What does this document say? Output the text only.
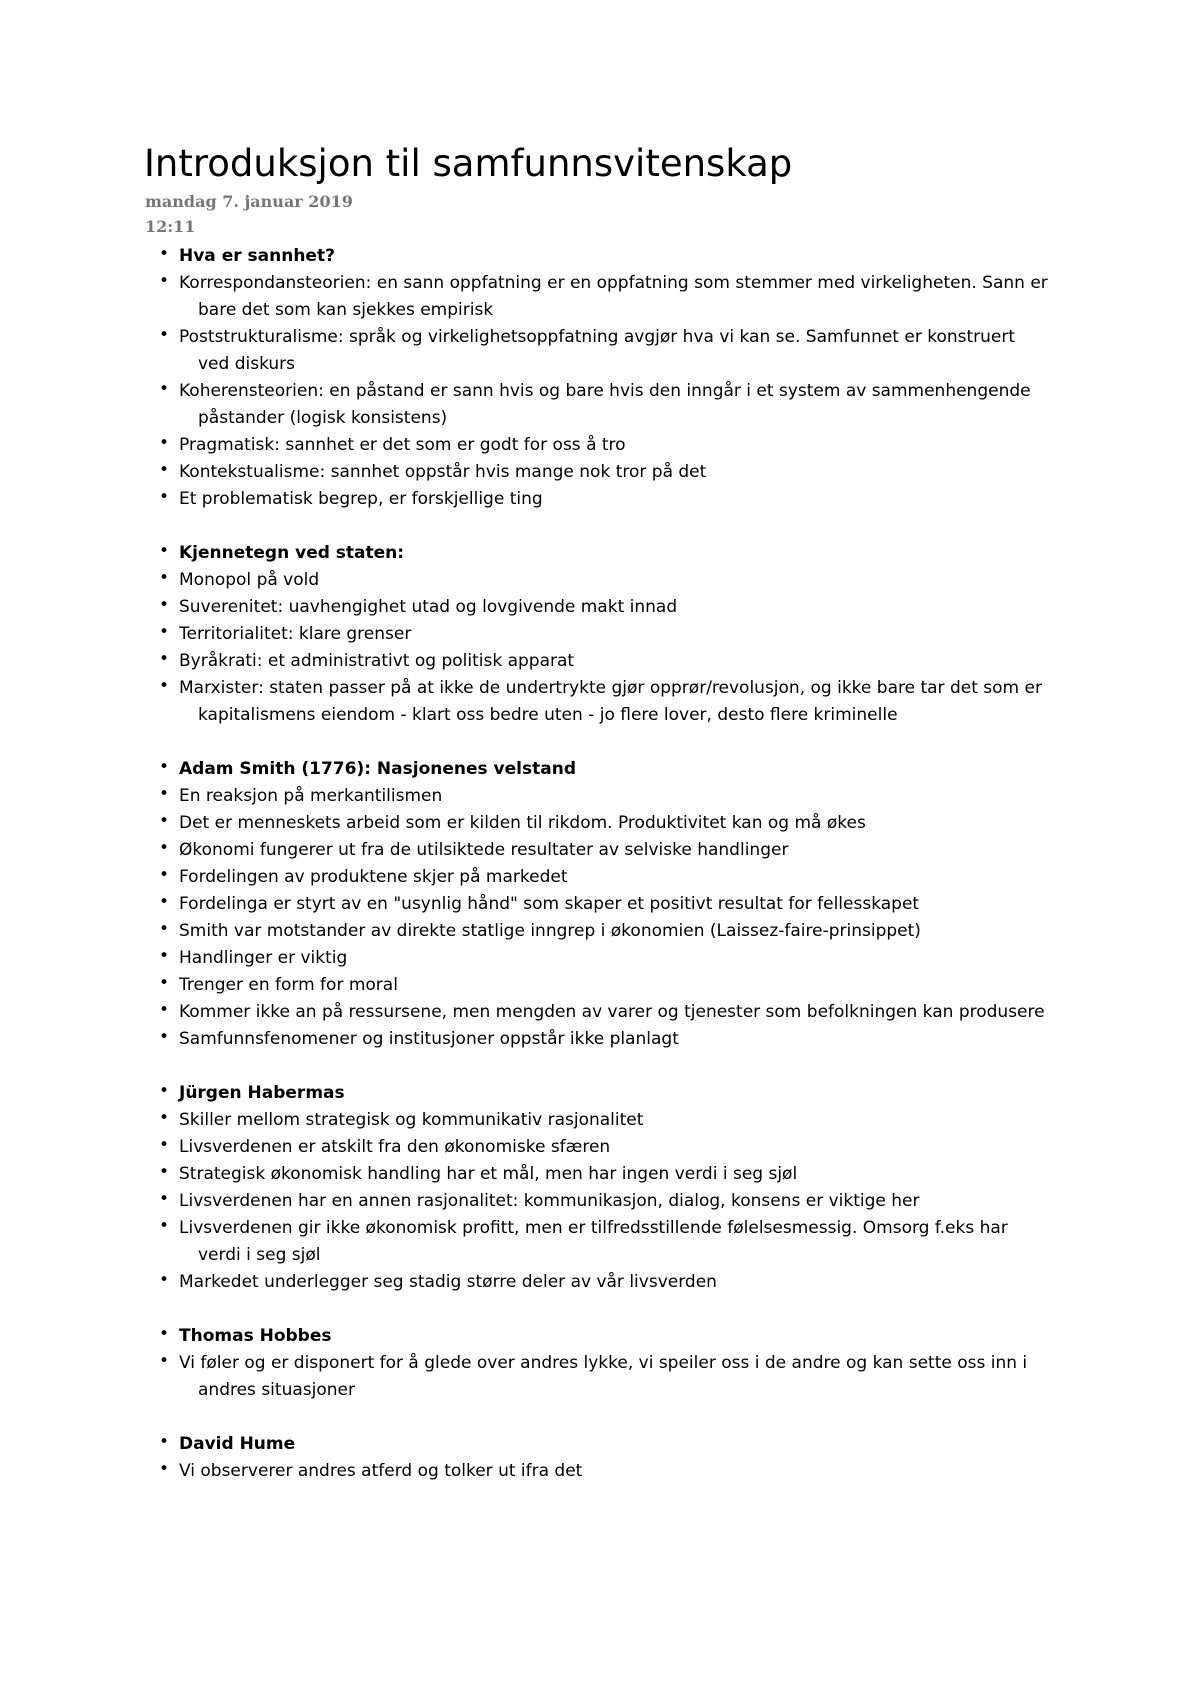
Introduksjon til samfunnsvitenskap
mandag 7. januar 2019
12:11
• Hva er sannhet?
• Korrespondansteorien: en sann oppfatning er en oppfatning som stemmer med virkeligheten. Sann er bare det som kan sjekkes empirisk
• Poststrukturalisme: språk og virkelighetsoppfatning avgjør hva vi kan se. Samfunnet er konstruert ved diskurs
• Koherensteorien: en påstand er sann hvis og bare hvis den inngår i et system av sammenhengende påstander (logisk konsistens)
• Pragmatisk: sannhet er det som er godt for oss å tro
• Kontekstualisme: sannhet oppstår hvis mange nok tror på det
• Et problematisk begrep, er forskjellige ting
• Kjennetegn ved staten:
• Monopol på vold
• Suverenitet: uavhengighet utad og lovgivende makt innad
• Territorialitet: klare grenser
• Byråkrati: et administrativt og politisk apparat
• Marxister: staten passer på at ikke de undertrykte gjør opprør/revolusjon, og ikke bare tar det som er kapitalismens eiendom - klart oss bedre uten - jo flere lover, desto flere kriminelle
• Adam Smith (1776): Nasjonenes velstand
• En reaksjon på merkantilismen
• Det er menneskets arbeid som er kilden til rikdom. Produktivitet kan og må økes
• Økonomi fungerer ut fra de utilsiktede resultater av selviske handlinger
• Fordelingen av produktene skjer på markedet
• Fordelinga er styrt av en "usynlig hånd" som skaper et positivt resultat for fellesskapet
• Smith var motstander av direkte statlige inngrep i økonomien (Laissez-faire-prinsippet)
• Handlinger er viktig
• Trenger en form for moral
• Kommer ikke an på ressursene, men mengden av varer og tjenester som befolkningen kan produsere
• Samfunnsfenomener og institusjoner oppstår ikke planlagt
• Jürgen Habermas
• Skiller mellom strategisk og kommunikativ rasjonalitet
• Livsverdenen er atskilt fra den økonomiske sfæren
• Strategisk økonomisk handling har et mål, men har ingen verdi i seg sjøl
• Livsverdenen har en annen rasjonalitet: kommunikasjon, dialog, konsens er viktige her
• Livsverdenen gir ikke økonomisk profitt, men er tilfredsstillende følelsesmessig. Omsorg f.eks har verdi i seg sjøl
• Markedet underlegger seg stadig større deler av vår livsverden
• Thomas Hobbes
• Vi føler og er disponert for å glede over andres lykke, vi speiler oss i de andre og kan sette oss inn i andres situasjoner
• David Hume
• Vi observerer andres atferd og tolker ut ifra det
